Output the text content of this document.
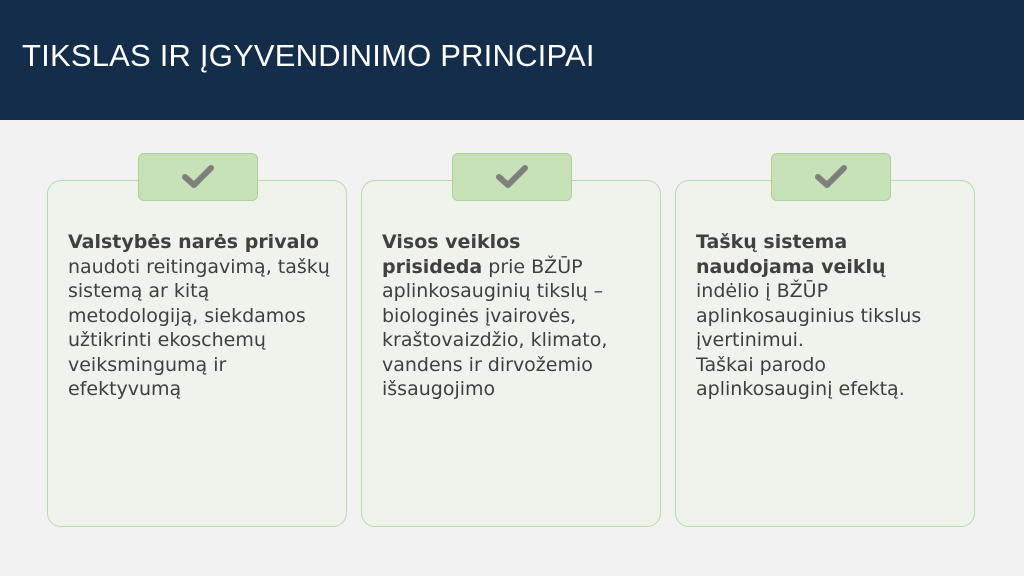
TIKSLAS IR ĮGYVENDINIMO PRINCIPAI

Valstybės narės privalo naudoti reitingavimą, taškų sistemą ar kitą metodologiją, siekdamos užtikrinti ekoschemų veiksmingumą ir efektyvumą

Visos veiklos prisideda prie BŽŪP aplinkosauginių tikslų – biologinės įvairovės, kraštovaizdžio, klimato, vandens ir dirvožemio išsaugojimo

Taškų sistema naudojama veiklų indėlio į BŽŪP aplinkosauginius tikslus įvertinimui.
Taškai parodo aplinkosauginį efektą.
